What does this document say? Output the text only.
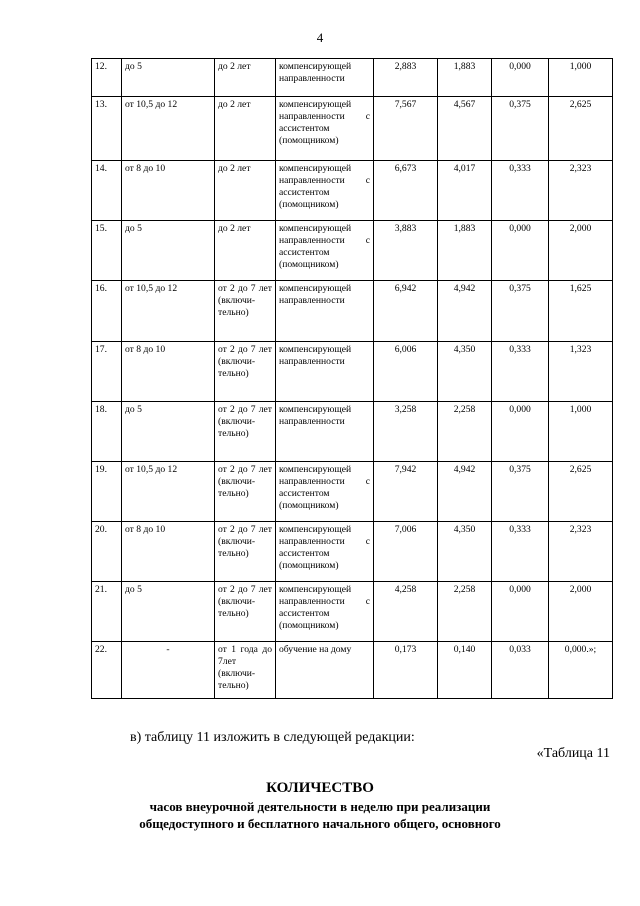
4
12.	до 5	до 2 лет	компенсирующей направленности	2,883	1,883	0,000	1,000
13.	от 10,5 до 12	до 2 лет	компенсирующей направленности с ассистентом (помощником)	7,567	4,567	0,375	2,625
14.	от 8 до 10	до 2 лет	компенсирующей направленности с ассистентом (помощником)	6,673	4,017	0,333	2,323
15.	до 5	до 2 лет	компенсирующей направленности с ассистентом (помощником)	3,883	1,883	0,000	2,000
16.	от 10,5 до 12	от 2 до 7 лет (включи-тельно)	компенсирующей направленности	6,942	4,942	0,375	1,625
17.	от 8 до 10	от 2 до 7 лет (включи-тельно)	компенсирующей направленности	6,006	4,350	0,333	1,323
18.	до 5	от 2 до 7 лет (включи-тельно)	компенсирующей направленности	3,258	2,258	0,000	1,000
19.	от 10,5 до 12	от 2 до 7 лет (включи-тельно)	компенсирующей направленности с ассистентом (помощником)	7,942	4,942	0,375	2,625
20.	от 8 до 10	от 2 до 7 лет (включи-тельно)	компенсирующей направленности с ассистентом (помощником)	7,006	4,350	0,333	2,323
21.	до 5	от 2 до 7 лет (включи-тельно)	компенсирующей направленности с ассистентом (помощником)	4,258	2,258	0,000	2,000
22.	-	от 1 года до 7лет (включи-тельно)	обучение на дому	0,173	0,140	0,033	0,000.»;
в) таблицу 11 изложить в следующей редакции:
«Таблица 11
КОЛИЧЕСТВО
часов внеурочной деятельности в неделю при реализации
общедоступного и бесплатного начального общего, основного
